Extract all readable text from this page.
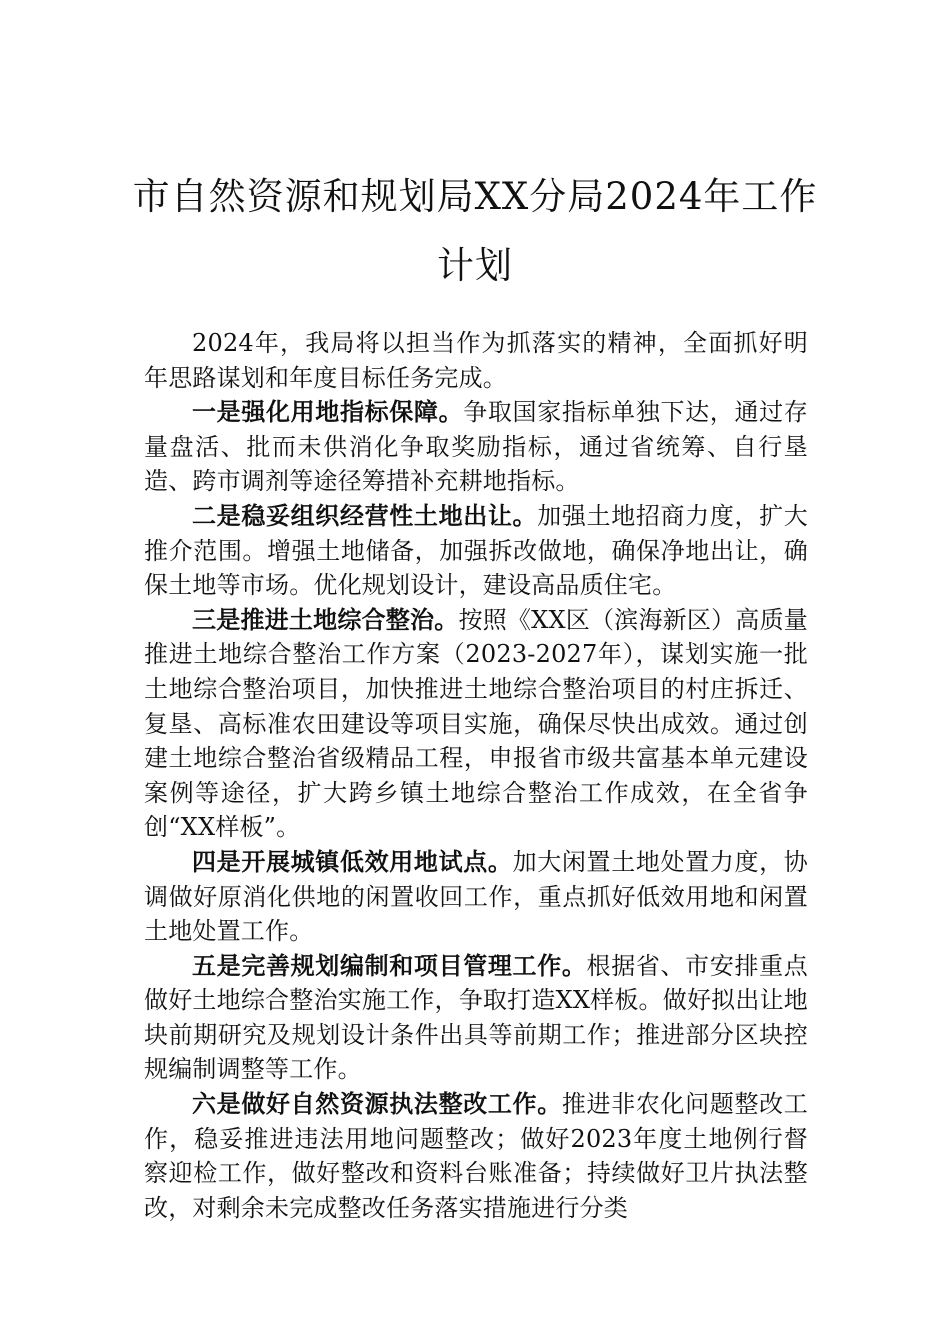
市自然资源和规划局XX分局2024年工作
计划

2024年，我局将以担当作为抓落实的精神，全面抓好明年思路谋划和年度目标任务完成。

一是强化用地指标保障。争取国家指标单独下达，通过存量盘活、批而未供消化争取奖励指标，通过省统筹、自行垦造、跨市调剂等途径筹措补充耕地指标。

二是稳妥组织经营性土地出让。加强土地招商力度，扩大推介范围。增强土地储备，加强拆改做地，确保净地出让，确保土地等市场。优化规划设计，建设高品质住宅。

三是推进土地综合整治。按照《XX区（滨海新区）高质量推进土地综合整治工作方案（2023-2027年），谋划实施一批土地综合整治项目，加快推进土地综合整治项目的村庄拆迁、复垦、高标准农田建设等项目实施，确保尽快出成效。通过创建土地综合整治省级精品工程，申报省市级共富基本单元建设案例等途径，扩大跨乡镇土地综合整治工作成效，在全省争创“XX样板”。

四是开展城镇低效用地试点。加大闲置土地处置力度，协调做好原消化供地的闲置收回工作，重点抓好低效用地和闲置土地处置工作。

五是完善规划编制和项目管理工作。根据省、市安排重点做好土地综合整治实施工作，争取打造XX样板。做好拟出让地块前期研究及规划设计条件出具等前期工作；推进部分区块控规编制调整等工作。

六是做好自然资源执法整改工作。推进非农化问题整改工作，稳妥推进违法用地问题整改；做好2023年度土地例行督察迎检工作，做好整改和资料台账准备；持续做好卫片执法整改，对剩余未完成整改任务落实措施进行分类
